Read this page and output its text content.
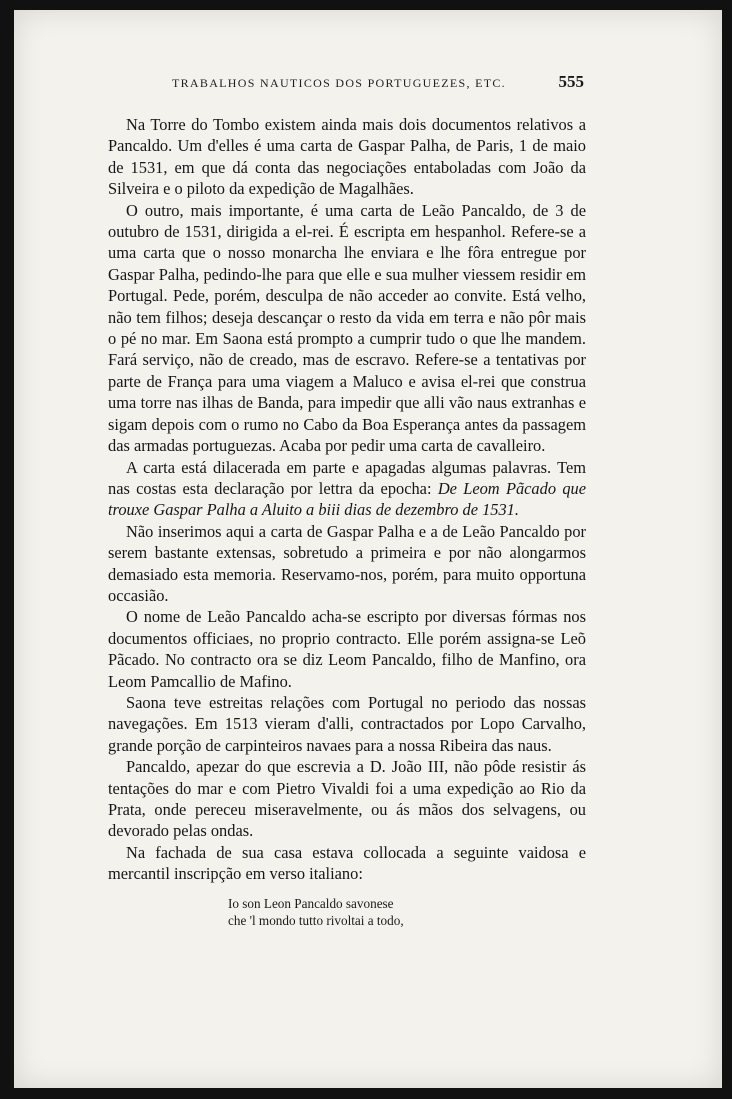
TRABALHOS NAUTICOS DOS PORTUGUEZES, ETC.	555

Na Torre do Tombo existem ainda mais dois documentos relativos a Pancaldo. Um d'elles é uma carta de Gaspar Palha, de Paris, 1 de maio de 1531, em que dá conta das negociações entaboladas com João da Silveira e o piloto da expedição de Magalhães.

O outro, mais importante, é uma carta de Leão Pancaldo, de 3 de outubro de 1531, dirigida a el-rei. É escripta em hespanhol. Refere-se a uma carta que o nosso monarcha lhe enviara e lhe fôra entregue por Gaspar Palha, pedindo-lhe para que elle e sua mulher viessem residir em Portugal. Pede, porém, desculpa de não acceder ao convite. Está velho, não tem filhos; deseja descançar o resto da vida em terra e não pôr mais o pé no mar. Em Saona está prompto a cumprir tudo o que lhe mandem. Fará serviço, não de creado, mas de escravo. Refere-se a tentativas por parte de França para uma viagem a Maluco e avisa el-rei que construa uma torre nas ilhas de Banda, para impedir que alli vão naus extranhas e sigam depois com o rumo no Cabo da Boa Esperança antes da passagem das armadas portuguezas. Acaba por pedir uma carta de cavalleiro.

A carta está dilacerada em parte e apagadas algumas palavras. Tem nas costas esta declaração por lettra da epocha: De Leom Pãcado que trouxe Gaspar Palha a Aluito a biii dias de dezembro de 1531.

Não inserimos aqui a carta de Gaspar Palha e a de Leão Pancaldo por serem bastante extensas, sobretudo a primeira e por não alongarmos demasiado esta memoria. Reservamo-nos, porém, para muito opportuna occasião.

O nome de Leão Pancaldo acha-se escripto por diversas fórmas nos documentos officiaes, no proprio contracto. Elle porém assigna-se Leõ Pãcado. No contracto ora se diz Leom Pancaldo, filho de Manfino, ora Leom Pamcallio de Mafino.

Saona teve estreitas relações com Portugal no periodo das nossas navegações. Em 1513 vieram d'alli, contractados por Lopo Carvalho, grande porção de carpinteiros navaes para a nossa Ribeira das naus.

Pancaldo, apezar do que escrevia a D. João III, não pôde resistir ás tentações do mar e com Pietro Vivaldi foi a uma expedição ao Rio da Prata, onde pereceu miseravelmente, ou ás mãos dos selvagens, ou devorado pelas ondas.

Na fachada de sua casa estava collocada a seguinte vaidosa e mercantil inscripção em verso italiano:

Io son Leon Pancaldo savonese
che 'l mondo tutto rivoltai a todo,
